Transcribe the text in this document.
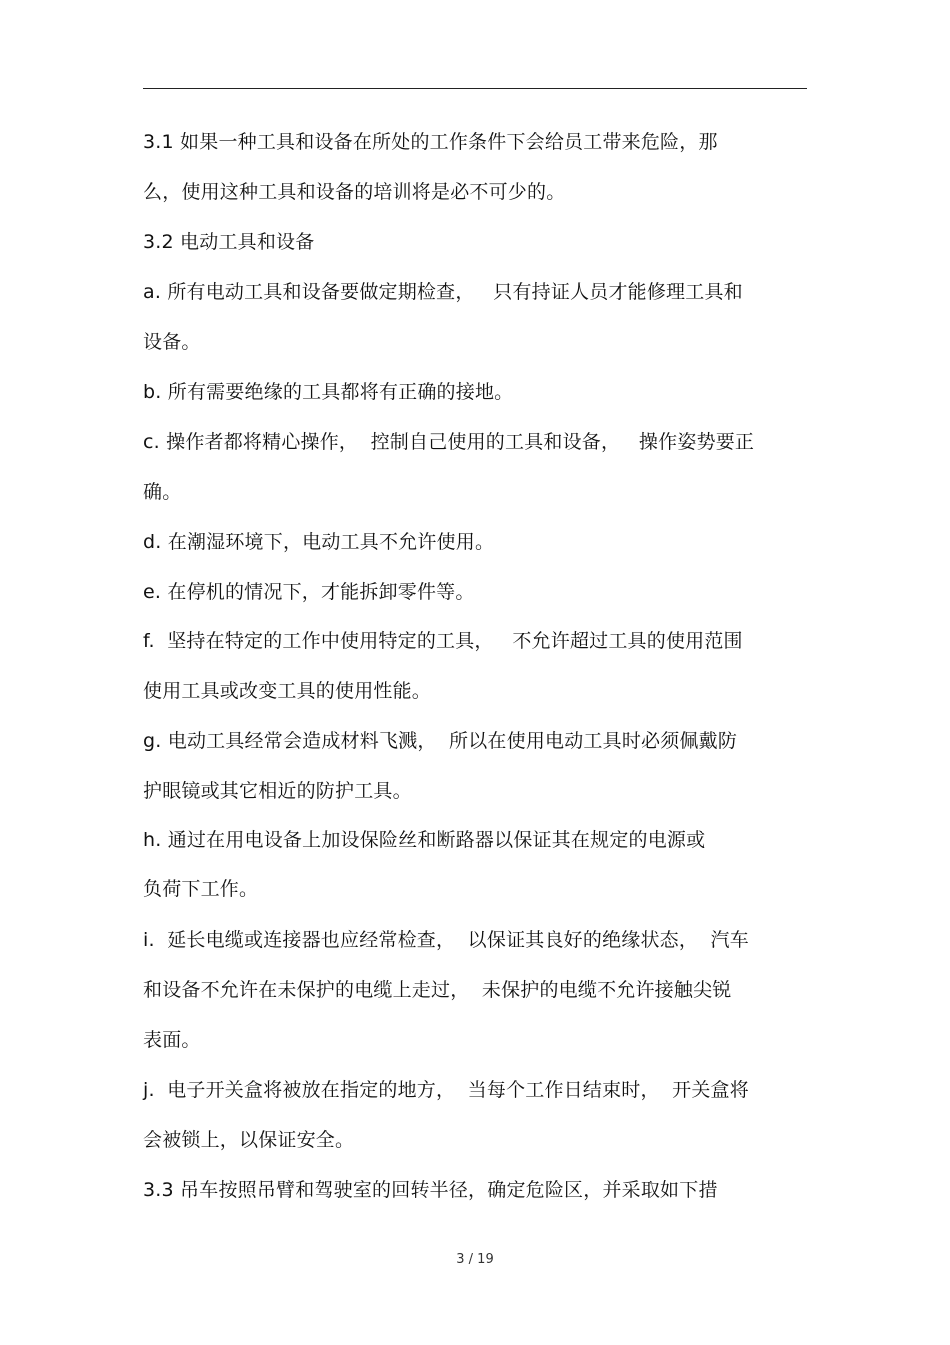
3.1 如果一种工具和设备在所处的工作条件下会给员工带来危险，那
么，使用这种工具和设备的培训将是必不可少的。
3.2 电动工具和设备
a. 所有电动工具和设备要做定期检查，   只有持证人员才能修理工具和
设备。
b. 所有需要绝缘的工具都将有正确的接地。
c. 操作者都将精心操作，  控制自己使用的工具和设备，   操作姿势要正
确。
d. 在潮湿环境下，电动工具不允许使用。
e. 在停机的情况下，才能拆卸零件等。
f.  坚持在特定的工作中使用特定的工具，   不允许超过工具的使用范围
使用工具或改变工具的使用性能。
g. 电动工具经常会造成材料飞溅，  所以在使用电动工具时必须佩戴防
护眼镜或其它相近的防护工具。
h. 通过在用电设备上加设保险丝和断路器以保证其在规定的电源或
负荷下工作。
i.  延长电缆或连接器也应经常检查，  以保证其良好的绝缘状态，  汽车
和设备不允许在未保护的电缆上走过，  未保护的电缆不允许接触尖锐
表面。
j.  电子开关盒将被放在指定的地方，  当每个工作日结束时，  开关盒将
会被锁上，以保证安全。
3.3 吊车按照吊臂和驾驶室的回转半径，确定危险区，并采取如下措
3 / 19
